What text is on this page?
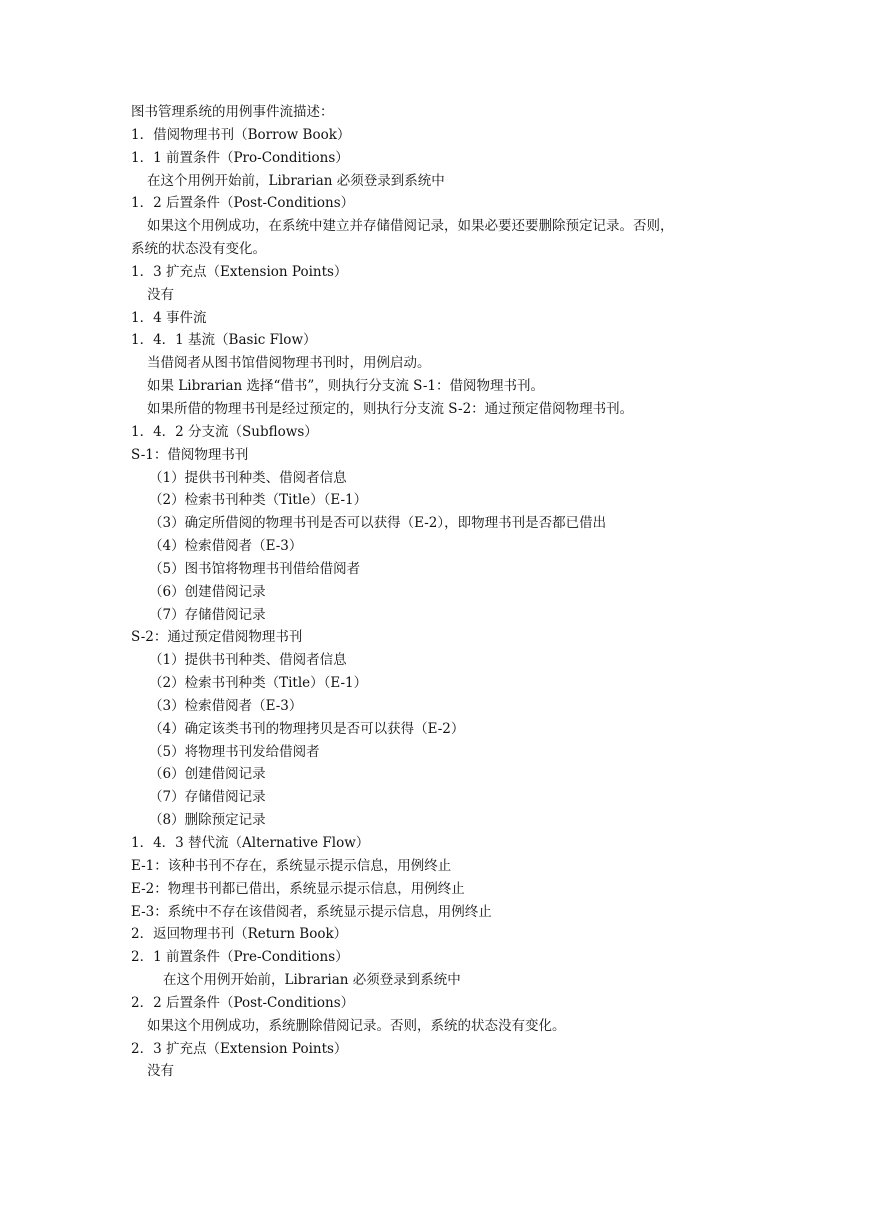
图书管理系统的用例事件流描述：
1．借阅物理书刊（Borrow Book）
1．1 前置条件（Pro-Conditions）
在这个用例开始前，Librarian 必须登录到系统中
1．2 后置条件（Post-Conditions）
如果这个用例成功，在系统中建立并存储借阅记录，如果必要还要删除预定记录。否则，
系统的状态没有变化。
1．3 扩充点（Extension Points）
没有
1．4 事件流
1．4．1 基流（Basic Flow）
当借阅者从图书馆借阅物理书刊时，用例启动。
如果 Librarian 选择“借书”，则执行分支流 S-1：借阅物理书刊。
如果所借的物理书刊是经过预定的，则执行分支流 S-2：通过预定借阅物理书刊。
1．4．2 分支流（Subflows）
S-1：借阅物理书刊
（1）提供书刊种类、借阅者信息
（2）检索书刊种类（Title）（E-1）
（3）确定所借阅的物理书刊是否可以获得（E-2），即物理书刊是否都已借出
（4）检索借阅者（E-3）
（5）图书馆将物理书刊借给借阅者
（6）创建借阅记录
（7）存储借阅记录
S-2：通过预定借阅物理书刊
（1）提供书刊种类、借阅者信息
（2）检索书刊种类（Title）（E-1）
（3）检索借阅者（E-3）
（4）确定该类书刊的物理拷贝是否可以获得（E-2）
（5）将物理书刊发给借阅者
（6）创建借阅记录
（7）存储借阅记录
（8）删除预定记录
1．4．3 替代流（Alternative Flow）
E-1：该种书刊不存在，系统显示提示信息，用例终止
E-2：物理书刊都已借出，系统显示提示信息，用例终止
E-3：系统中不存在该借阅者，系统显示提示信息，用例终止
2．返回物理书刊（Return Book）
2．1 前置条件（Pre-Conditions）
在这个用例开始前，Librarian 必须登录到系统中
2．2 后置条件（Post-Conditions）
如果这个用例成功，系统删除借阅记录。否则，系统的状态没有变化。
2．3 扩充点（Extension Points）
没有
